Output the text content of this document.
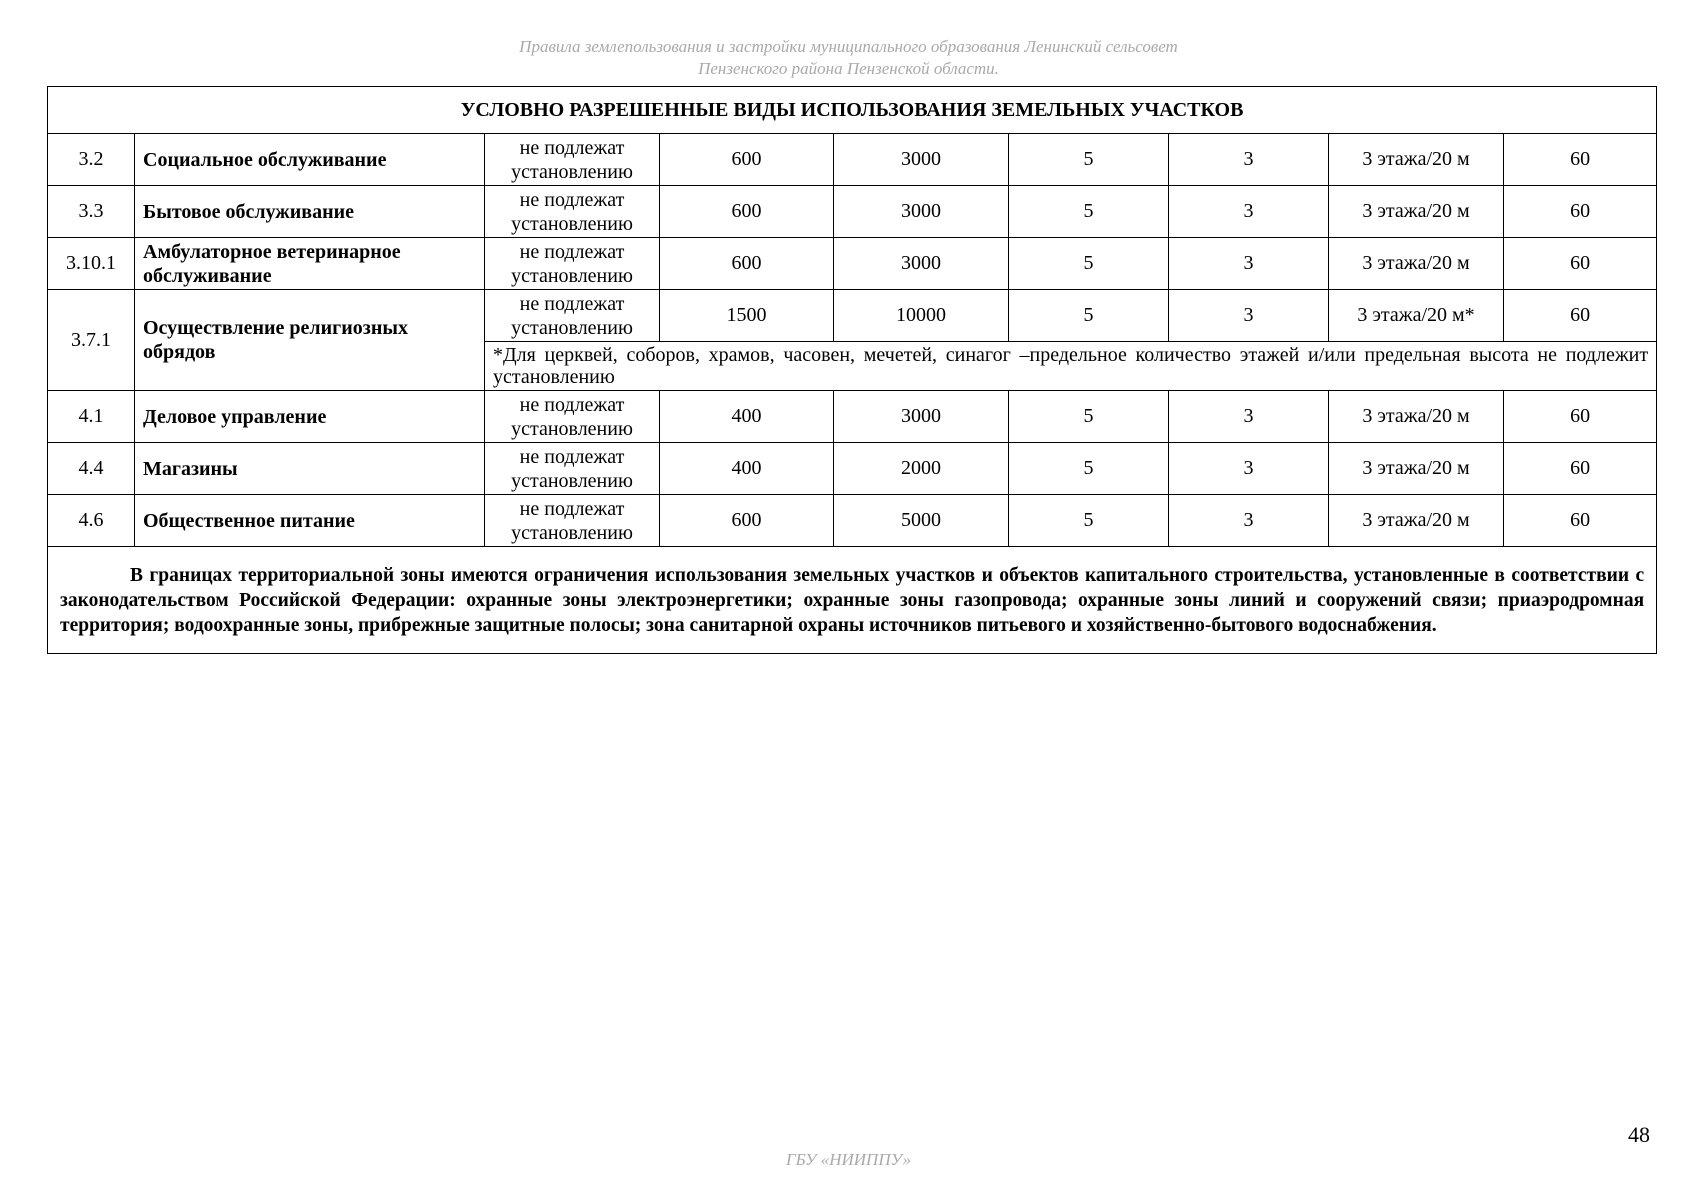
Правила землепользования и застройки муниципального образования Ленинский сельсовет
Пензенского района Пензенской области.
УСЛОВНО РАЗРЕШЕННЫЕ ВИДЫ ИСПОЛЬЗОВАНИЯ ЗЕМЕЛЬНЫХ УЧАСТКОВ								
3.2	Социальное обслуживание	не подлежат установлению	600	3000	5	3	3 этажа/20 м	60
3.3	Бытовое обслуживание	не подлежат установлению	600	3000	5	3	3 этажа/20 м	60
3.10.1	Амбулаторное ветеринарное обслуживание	не подлежат установлению	600	3000	5	3	3 этажа/20 м	60
3.7.1	Осуществление религиозных обрядов	не подлежат установлению	1500	10000	5	3	3 этажа/20 м*	60
		*Для церквей, соборов, храмов, часовен, мечетей, синагог –предельное количество этажей и/или предельная высота не подлежит установлению						
4.1	Деловое управление	не подлежат установлению	400	3000	5	3	3 этажа/20 м	60
4.4	Магазины	не подлежат установлению	400	2000	5	3	3 этажа/20 м	60
4.6	Общественное питание	не подлежат установлению	600	5000	5	3	3 этажа/20 м	60
В границах территориальной зоны имеются ограничения использования земельных участков и объектов капитального строительства, установленные в соответствии с законодательством Российской Федерации: охранные зоны электроэнергетики; охранные зоны газопровода; охранные зоны линий и сооружений связи; приаэродромная территория; водоохранные зоны, прибрежные защитные полосы; зона санитарной охраны источников питьевого и хозяйственно-бытового водоснабжения.								
48
ГБУ «НИИППУ»
